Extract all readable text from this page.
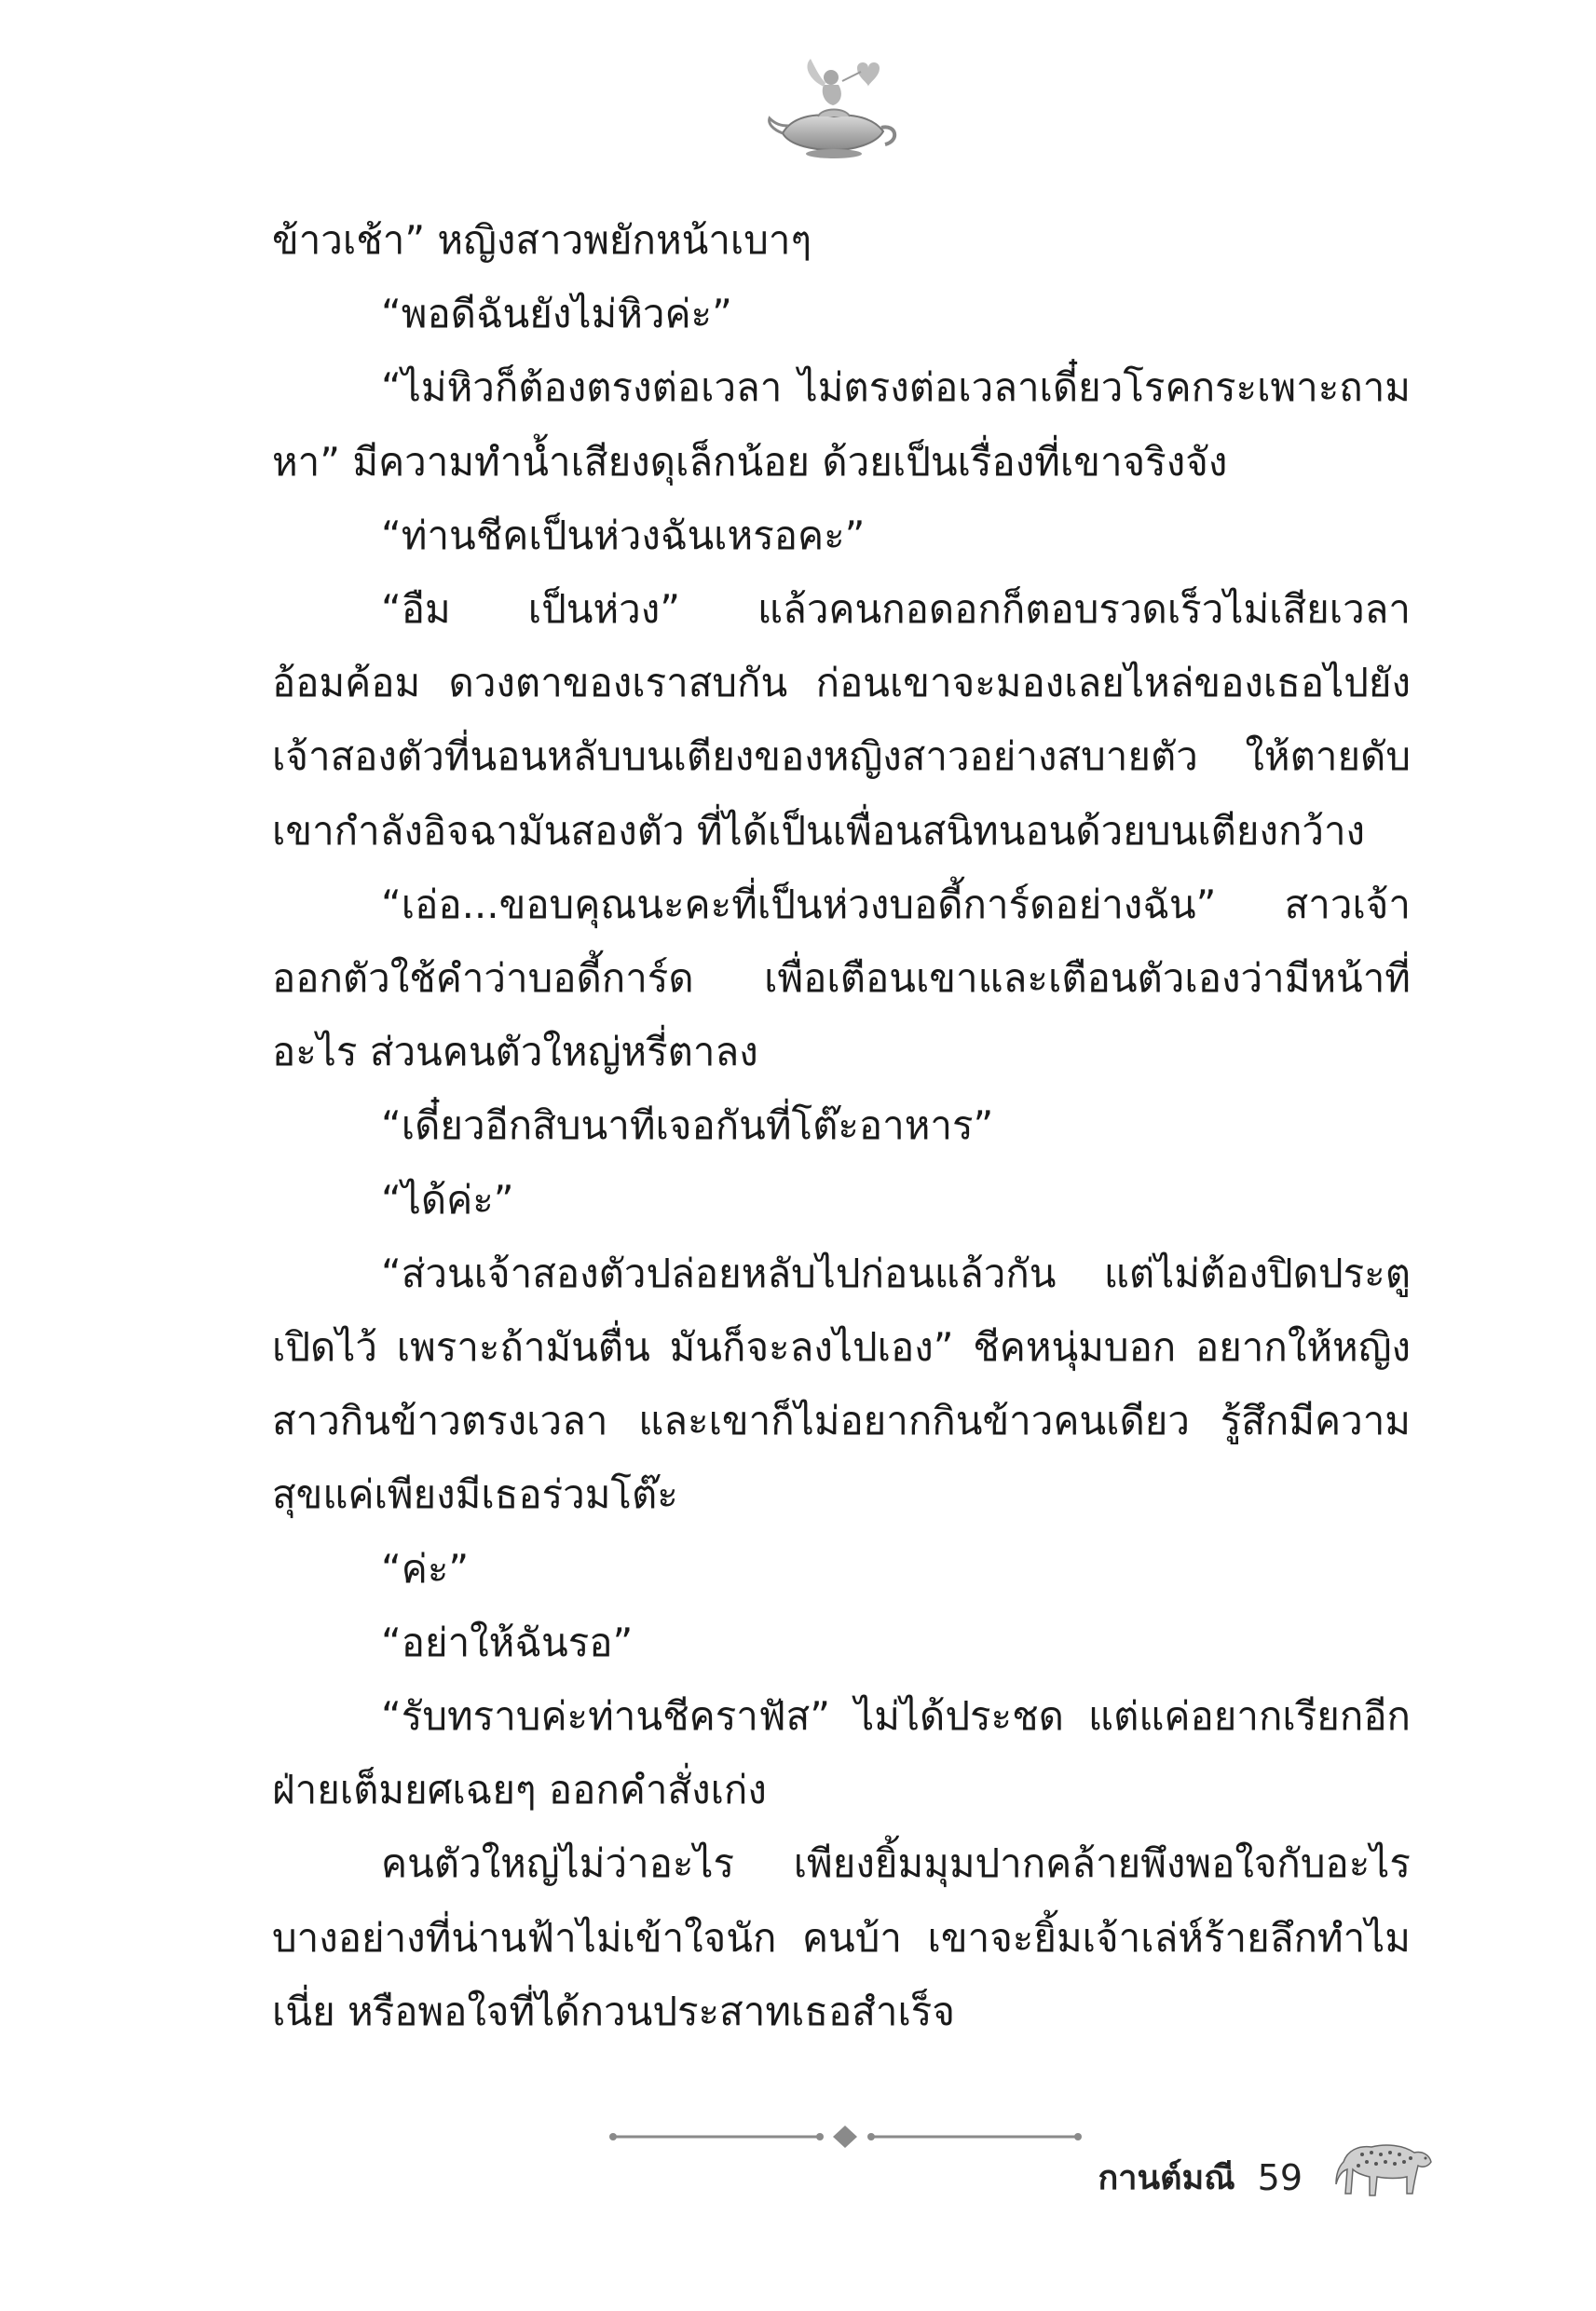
ข้าวเช้า” หญิงสาวพยักหน้าเบาๆ

“พอดีฉันยังไม่หิวค่ะ”

“ไม่หิวก็ต้องตรงต่อเวลา ไม่ตรงต่อเวลาเดี๋ยวโรคกระเพาะถามหา” มีความทำน้ำเสียงดุเล็กน้อย ด้วยเป็นเรื่องที่เขาจริงจัง

“ท่านชีคเป็นห่วงฉันเหรอคะ”

“อืม เป็นห่วง” แล้วคนกอดอกก็ตอบรวดเร็วไม่เสียเวลาอ้อมค้อม ดวงตาของเราสบกัน ก่อนเขาจะมองเลยไหล่ของเธอไปยังเจ้าสองตัวที่นอนหลับบนเตียงของหญิงสาวอย่างสบายตัว ให้ตายดับ เขากำลังอิจฉามันสองตัว ที่ได้เป็นเพื่อนสนิทนอนด้วยบนเตียงกว้าง

“เอ่อ...ขอบคุณนะคะที่เป็นห่วงบอดี้การ์ดอย่างฉัน” สาวเจ้าออกตัวใช้คำว่าบอดี้การ์ด เพื่อเตือนเขาและเตือนตัวเองว่ามีหน้าที่อะไร ส่วนคนตัวใหญ่หรี่ตาลง

“เดี๋ยวอีกสิบนาทีเจอกันที่โต๊ะอาหาร”

“ได้ค่ะ”

“ส่วนเจ้าสองตัวปล่อยหลับไปก่อนแล้วกัน แต่ไม่ต้องปิดประตูเปิดไว้ เพราะถ้ามันตื่น มันก็จะลงไปเอง” ชีคหนุ่มบอก อยากให้หญิงสาวกินข้าวตรงเวลา และเขาก็ไม่อยากกินข้าวคนเดียว รู้สึกมีความสุขแค่เพียงมีเธอร่วมโต๊ะ

“ค่ะ”

“อย่าให้ฉันรอ”

“รับทราบค่ะท่านชีคราฟัส” ไม่ได้ประชด แต่แค่อยากเรียกอีกฝ่ายเต็มยศเฉยๆ ออกคำสั่งเก่ง

คนตัวใหญ่ไม่ว่าอะไร เพียงยิ้มมุมปากคล้ายพึงพอใจกับอะไรบางอย่างที่น่านฟ้าไม่เข้าใจนัก คนบ้า เขาจะยิ้มเจ้าเล่ห์ร้ายลึกทำไมเนี่ย หรือพอใจที่ได้กวนประสาทเธอสำเร็จ

กานต์มณี 59
